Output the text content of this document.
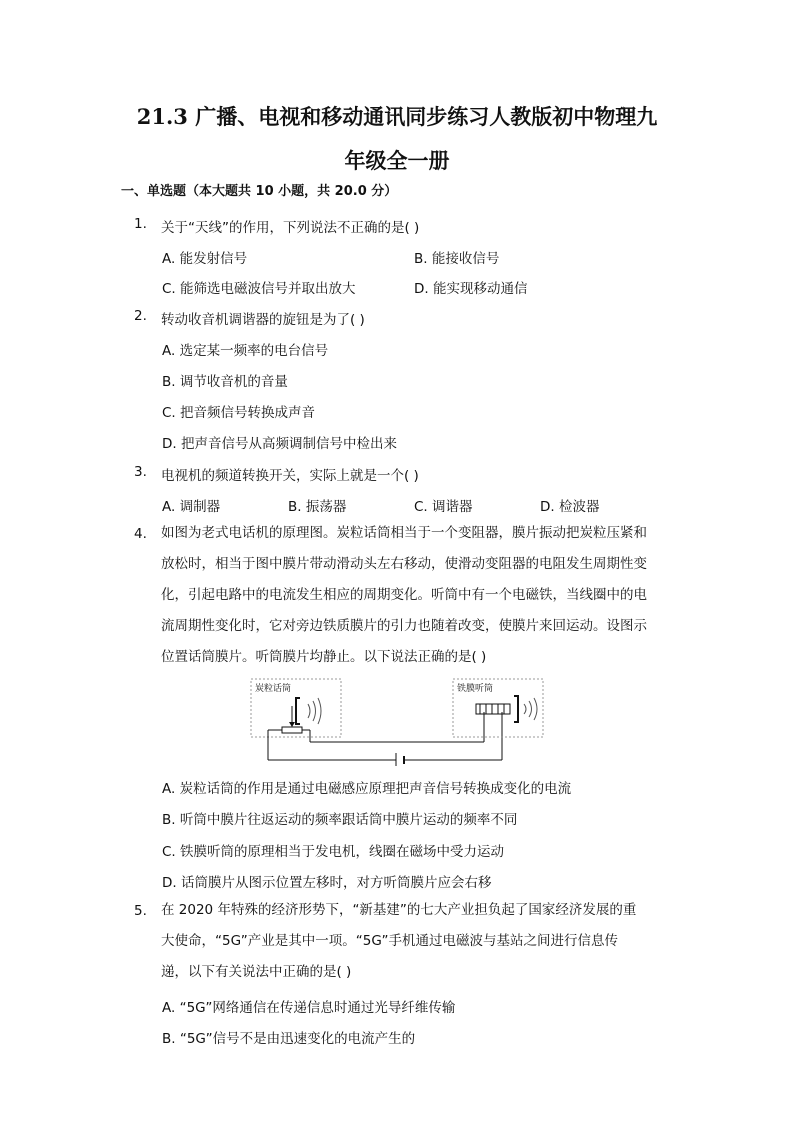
21.3 广播、电视和移动通讯同步练习人教版初中物理九
年级全一册
一、单选题（本大题共 10 小题，共 20.0 分）
1. 关于“天线”的作用，下列说法不正确的是( )
A. 能发射信号	B. 能接收信号
C. 能筛选电磁波信号并取出放大	D. 能实现移动通信
2. 转动收音机调谐器的旋钮是为了( )
A. 选定某一频率的电台信号
B. 调节收音机的音量
C. 把音频信号转换成声音
D. 把声音信号从高频调制信号中检出来
3. 电视机的频道转换开关，实际上就是一个( )
A. 调制器	B. 振荡器	C. 调谐器	D. 检波器
4. 如图为老式电话机的原理图。炭粒话筒相当于一个变阻器，膜片振动把炭粒压紧和
放松时，相当于图中膜片带动滑动头左右移动，使滑动变阻器的电阻发生周期性变
化，引起电路中的电流发生相应的周期变化。听筒中有一个电磁铁，当线圈中的电
流周期性变化时，它对旁边铁质膜片的引力也随着改变，使膜片来回运动。设图示
位置话筒膜片。听筒膜片均静止。以下说法正确的是( )
炭粒话筒	铁膜听筒
A. 炭粒话筒的作用是通过电磁感应原理把声音信号转换成变化的电流
B. 听筒中膜片往返运动的频率跟话筒中膜片运动的频率不同
C. 铁膜听筒的原理相当于发电机，线圈在磁场中受力运动
D. 话筒膜片从图示位置左移时，对方听筒膜片应会右移
5. 在 2020 年特殊的经济形势下，“新基建”的七大产业担负起了国家经济发展的重
大使命，“5G”产业是其中一项。“5G”手机通过电磁波与基站之间进行信息传
递，以下有关说法中正确的是( )
A. “5G”网络通信在传递信息时通过光导纤维传输
B. “5G”信号不是由迅速变化的电流产生的
